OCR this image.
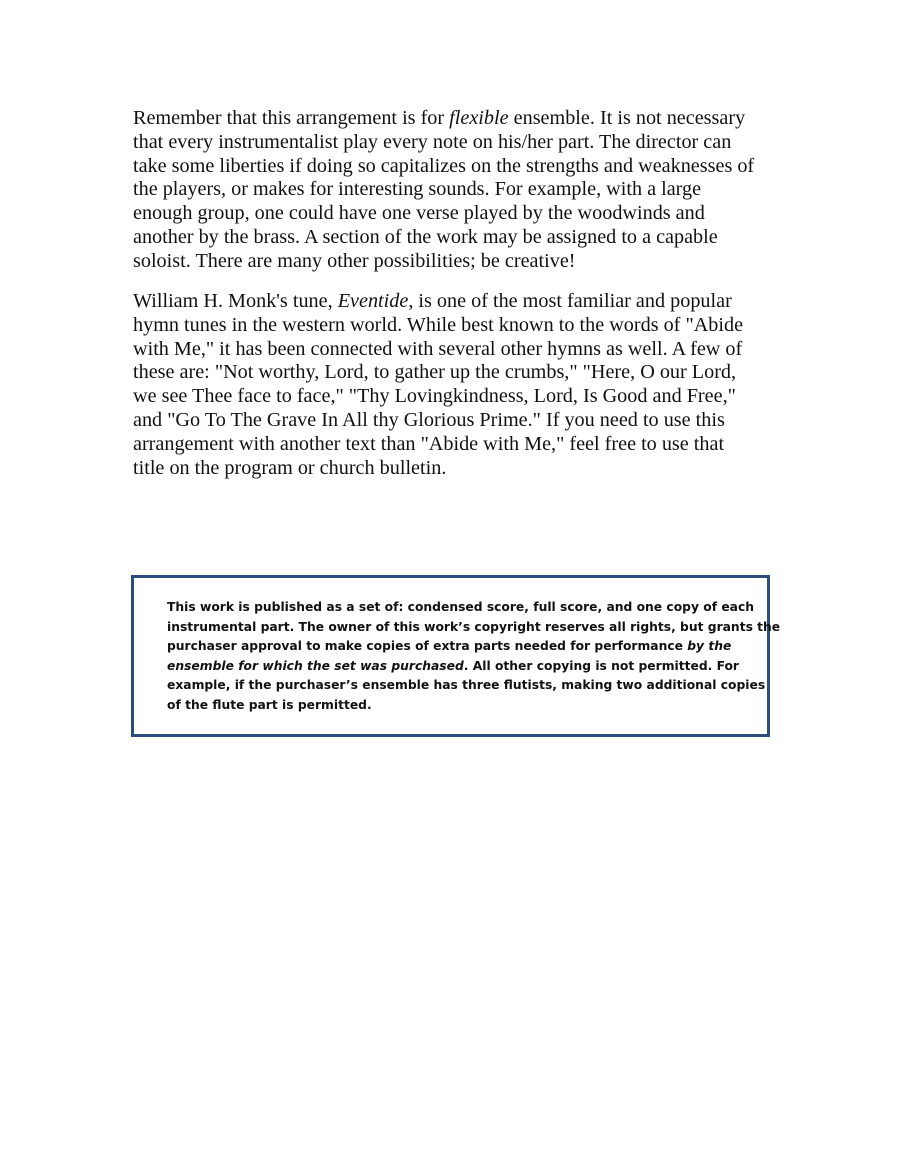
Remember that this arrangement is for flexible ensemble. It is not necessary
that every instrumentalist play every note on his/her part. The director can
take some liberties if doing so capitalizes on the strengths and weaknesses of
the players, or makes for interesting sounds. For example, with a large
enough group, one could have one verse played by the woodwinds and
another by the brass. A section of the work may be assigned to a capable
soloist. There are many other possibilities; be creative!
William H. Monk's tune, Eventide, is one of the most familiar and popular
hymn tunes in the western world. While best known to the words of "Abide
with Me," it has been connected with several other hymns as well. A few of
these are: "Not worthy, Lord, to gather up the crumbs," "Here, O our Lord,
we see Thee face to face," "Thy Lovingkindness, Lord, Is Good and Free,"
and "Go To The Grave In All thy Glorious Prime." If you need to use this
arrangement with another text than "Abide with Me," feel free to use that
title on the program or church bulletin.
This work is published as a set of: condensed score, full score, and one copy of each
instrumental part. The owner of this work’s copyright reserves all rights, but grants the
purchaser approval to make copies of extra parts needed for performance by the
ensemble for which the set was purchased. All other copying is not permitted. For
example, if the purchaser’s ensemble has three flutists, making two additional copies
of the flute part is permitted.
